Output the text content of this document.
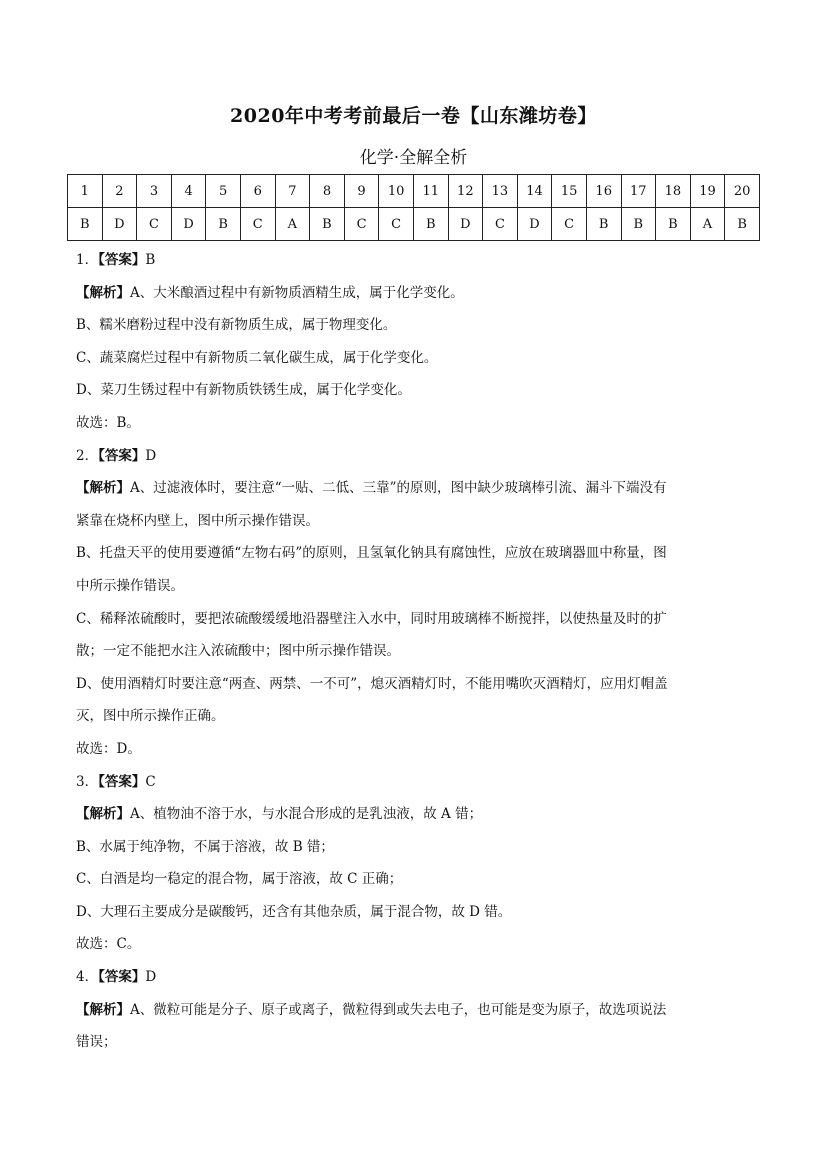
2020年中考考前最后一卷【山东潍坊卷】
化学·全解全析
1	2	3	4	5	6	7	8	9	10	11	12	13	14	15	16	17	18	19	20
B	D	C	D	B	C	A	B	C	C	B	D	C	D	C	B	B	B	A	B

1．【答案】B

【解析】A、大米酿酒过程中有新物质酒精生成，属于化学变化。

B、糯米磨粉过程中没有新物质生成，属于物理变化。

C、蔬菜腐烂过程中有新物质二氧化碳生成，属于化学变化。

D、菜刀生锈过程中有新物质铁锈生成，属于化学变化。

故选：B。

2．【答案】D

【解析】A、过滤液体时，要注意“一贴、二低、三靠”的原则，图中缺少玻璃棒引流、漏斗下端没有

紧靠在烧杯内壁上，图中所示操作错误。

B、托盘天平的使用要遵循“左物右码”的原则，且氢氧化钠具有腐蚀性，应放在玻璃器皿中称量，图

中所示操作错误。

C、稀释浓硫酸时，要把浓硫酸缓缓地沿器壁注入水中，同时用玻璃棒不断搅拌，以使热量及时的扩

散；一定不能把水注入浓硫酸中；图中所示操作错误。

D、使用酒精灯时要注意“两查、两禁、一不可”，熄灭酒精灯时，不能用嘴吹灭酒精灯，应用灯帽盖

灭，图中所示操作正确。

故选：D。

3．【答案】C

【解析】A、植物油不溶于水，与水混合形成的是乳浊液，故 A 错；

B、水属于纯净物，不属于溶液，故 B 错；

C、白酒是均一稳定的混合物，属于溶液，故 C 正确；

D、大理石主要成分是碳酸钙，还含有其他杂质，属于混合物，故 D 错。

故选：C。

4．【答案】D

【解析】A、微粒可能是分子、原子或离子，微粒得到或失去电子，也可能是变为原子，故选项说法

错误；
